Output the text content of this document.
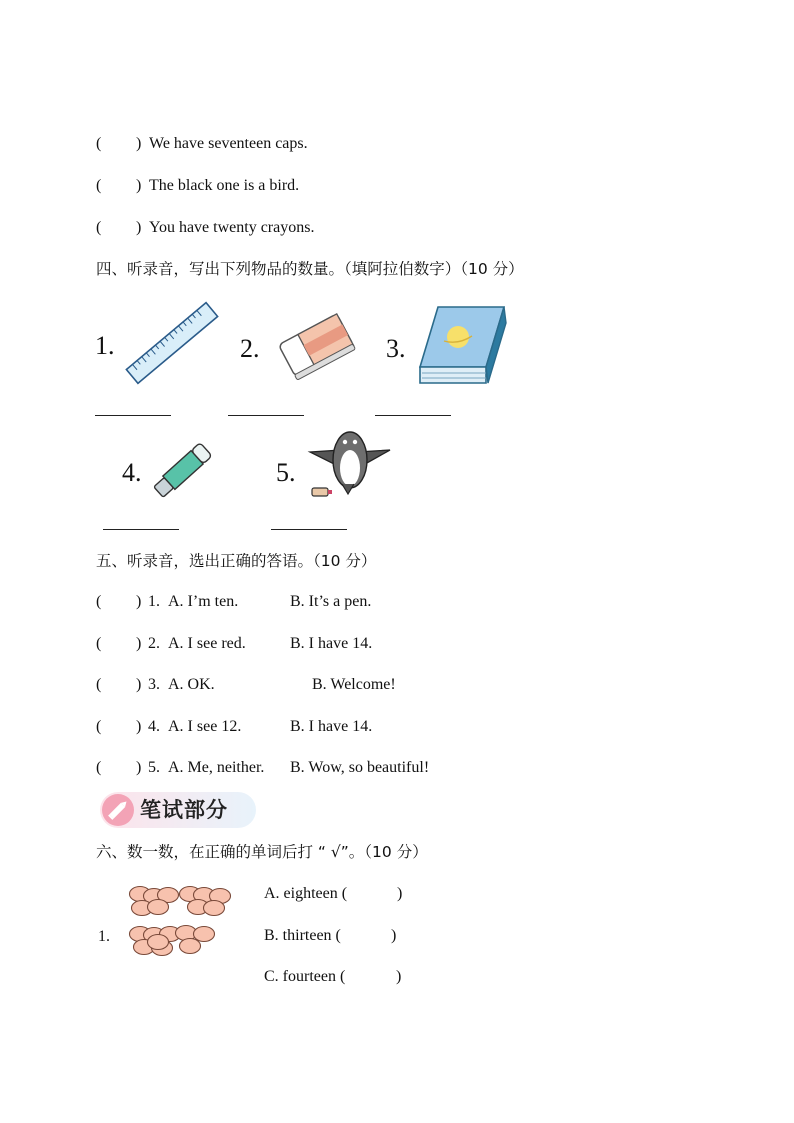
( ) We have seventeen caps.
( ) The black one is a bird.
( ) You have twenty crayons.
四、听录音，写出下列物品的数量。（填阿拉伯数字）（10 分）
1.	2.	3.
4.	5.
五、听录音，选出正确的答语。（10 分）
( ) 1. A. I’m ten.	B. It’s a pen.
( ) 2. A. I see red.	B. I have 14.
( ) 3. A. OK.	B. Welcome!
( ) 4. A. I see 12.	B. I have 14.
( ) 5. A. Me, neither. B. Wow, so beautiful!
笔试部分
六、数一数，在正确的单词后打 “ √”。（10 分）
1.
A. eighteen (	)
B. thirteen (	)
C. fourteen (	)
